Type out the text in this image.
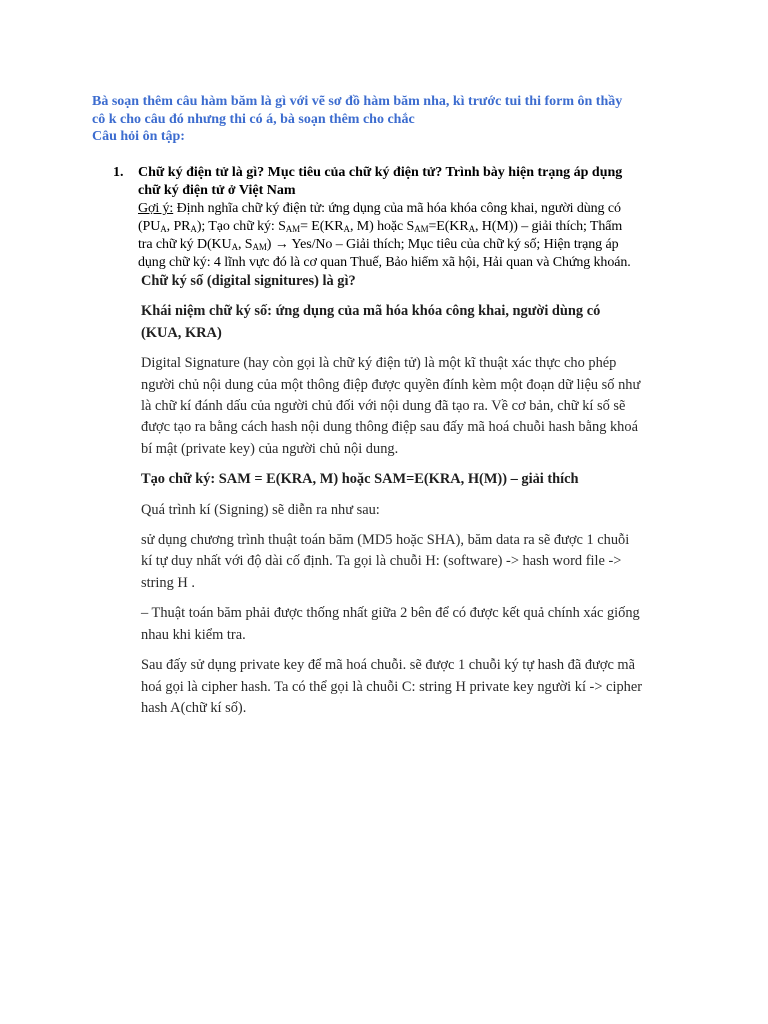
Bà soạn thêm câu hàm băm là gì với vẽ sơ đồ hàm băm nha, kì trước tui thi form ôn thầy

cô k cho câu đó nhưng thi có á, bà soạn thêm cho chắc

Câu hỏi ôn tập:

1. Chữ ký điện tử là gì? Mục tiêu của chữ ký điện tử? Trình bày hiện trạng áp dụng
chữ ký điện tử ở Việt Nam
Gợi ý: Định nghĩa chữ ký điện tử: ứng dụng của mã hóa khóa công khai, người dùng có
($PU_A$, $PR_A$); Tạo chữ ký: $S_{AM}= E(KR_A$, M) hoặc $S_{AM}=E(KR_A$, H(M)) – giải thích; Thẩm
tra chữ ký $D(KU_A$, $S_{AM}) \to Yes/No$ – Giải thích; Mục tiêu của chữ ký số; Hiện trạng áp
dụng chữ ký: 4 lĩnh vực đó là cơ quan Thuế, Bảo hiểm xã hội, Hải quan và Chứng khoán.

Chữ ký số (digital signitures) là gì?

Khái niệm chữ ký số: ứng dụng của mã hóa khóa công khai, người dùng có

(KUA, KRA)

Digital Signature (hay còn gọi là chữ ký điện tử) là một kĩ thuật xác thực cho phép

người chủ nội dung của một thông điệp được quyền đính kèm một đoạn dữ liệu số như

là chữ kí đánh dấu của người chủ đối với nội dung đã tạo ra. Về cơ bản, chữ kí số sẽ

được tạo ra bằng cách hash nội dung thông điệp sau đấy mã hoá chuỗi hash bằng khoá

bí mật (private key) của người chủ nội dung.

Tạo chữ ký: SAM = E(KRA, M) hoặc SAM=E(KRA, H(M)) – giải thích

Quá trình kí (Signing) sẽ diễn ra như sau:

sử dụng chương trình thuật toán băm (MD5 hoặc SHA), băm data ra sẽ được 1 chuỗi

kí tự duy nhất với độ dài cố định. Ta gọi là chuỗi H: (software) -> hash word file ->

string H .

– Thuật toán băm phải được thống nhất giữa 2 bên để có được kết quả chính xác giống

nhau khi kiểm tra.

Sau đấy sử dụng private key để mã hoá chuỗi. sẽ được 1 chuỗi ký tự hash đã được mã

hoá gọi là cipher hash. Ta có thể gọi là chuỗi C: string H private key người kí -> cipher

hash A(chữ kí số).
